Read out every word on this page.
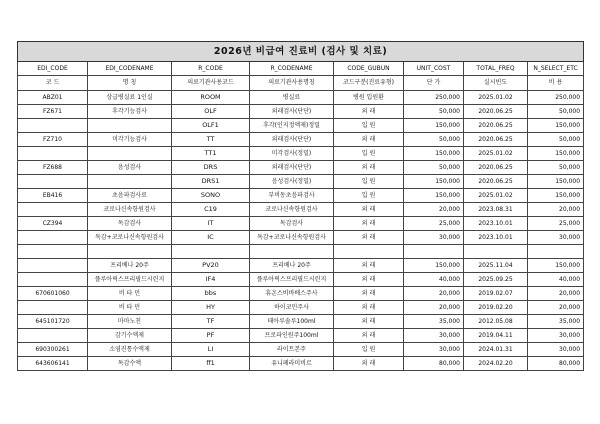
2026년 비급여 진료비 (검사 및 치료)							
EDI_CODE	EDI_CODENAME	R_CODE	R_CODENAME	CODE_GUBUN	UNIT_COST	TOTAL_FREQ	N_SELECT_ETC
코 드	명 칭	의료기관사용코드	의료기관사용명칭	코드구분(진료유형)	단 가	실시빈도	비 용
ABZ01	상급병실료 1인실	ROOM	병실료	병원 입원환	250,000	2025.01.02	250,000
FZ671	후각기능검사	OLF	외래검사(단단)	외 래	50,000	2020.06.25	50,000
		OLF1	후각(인지정액제)정밀	입 원	150,000	2020.06.25	150,000
FZ710	미각기능검사	TT	외래검사(단단)	외 래	50,000	2020.06.25	50,000
		TT1	미각검사(정밀)	입 원	150,000	2025.01.02	150,000
FZ688	음성검사	DRS	외래검사(단단)	외 래	50,000	2020.06.25	50,000
		DRS1	음성검사(정밀)	입 원	150,000	2020.06.25	150,000
EB416	초음파검사료	SONO	부비동초음파검사	입 원	150,000	2025.01.02	150,000
	코로나신속항원검사	C19	코로나신속항원검사	외 래	20,000	2023.08.31	20,000
CZ394	독감검사	IT	독감검사	외 래	25,000	2023.10.01	25,000
	독감+코로나신속항원검사	IC	독감+코로나신속항원검사	외 래	30,000	2023.10.01	30,000

	프리베나 20주	PV20	프리베나 20주	외 래	150,000	2025.11.04	150,000
	플루아릭스프리필드시린지	IF4	플루아릭스프리필드시린지	외 래	40,000	2025.09.25	40,000
670601060	비 타 민	bbs	휴온스비바베스주사	외 래	20,000	2019.02.07	20,000
	비 타 민	HY	하이코민주사	외 래	20,000	2019.02.20	20,000
645101720	마마노친	TF	태아루솔루100ml	외 래	35,000	2012.05.08	35,000
	감기수액제	PF	프로파인원주100ml	외 래	30,000	2019.04.11	30,000
690300261	소염진통수액제	LI	라이트본주	입 원	30,000	2024.01.31	30,000
643606141	독감수액	ff1	유니페라미비르	외 래	80,000	2024.02.20	80,000
